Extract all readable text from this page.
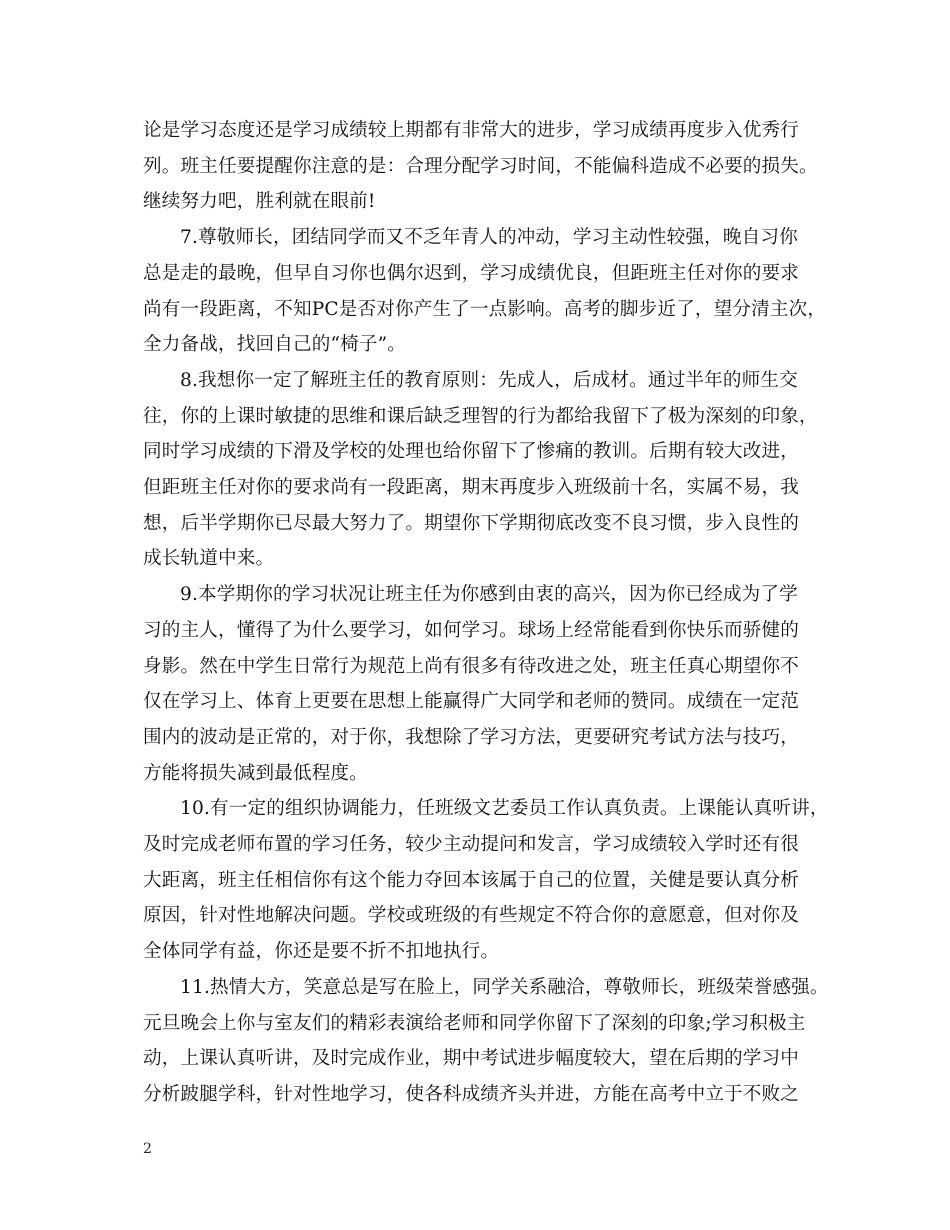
论是学习态度还是学习成绩较上期都有非常大的进步，学习成绩再度步入优秀行
列。班主任要提醒你注意的是：合理分配学习时间，不能偏科造成不必要的损失。
继续努力吧，胜利就在眼前!

7.尊敬师长，团结同学而又不乏年青人的冲动，学习主动性较强，晚自习你
总是走的最晚，但早自习你也偶尔迟到，学习成绩优良，但距班主任对你的要求
尚有一段距离，不知PC是否对你产生了一点影响。高考的脚步近了，望分清主次，
全力备战，找回自己的“椅子”。

8.我想你一定了解班主任的教育原则：先成人，后成材。通过半年的师生交
往，你的上课时敏捷的思维和课后缺乏理智的行为都给我留下了极为深刻的印象，
同时学习成绩的下滑及学校的处理也给你留下了惨痛的教训。后期有较大改进，
但距班主任对你的要求尚有一段距离，期末再度步入班级前十名，实属不易，我
想，后半学期你已尽最大努力了。期望你下学期彻底改变不良习惯，步入良性的
成长轨道中来。

9.本学期你的学习状况让班主任为你感到由衷的高兴，因为你已经成为了学
习的主人，懂得了为什么要学习，如何学习。球场上经常能看到你快乐而骄健的
身影。然在中学生日常行为规范上尚有很多有待改进之处，班主任真心期望你不
仅在学习上、体育上更要在思想上能赢得广大同学和老师的赞同。成绩在一定范
围内的波动是正常的，对于你，我想除了学习方法，更要研究考试方法与技巧，
方能将损失减到最低程度。

10.有一定的组织协调能力，任班级文艺委员工作认真负责。上课能认真听讲，
及时完成老师布置的学习任务，较少主动提问和发言，学习成绩较入学时还有很
大距离，班主任相信你有这个能力夺回本该属于自己的位置，关健是要认真分析
原因，针对性地解决问题。学校或班级的有些规定不符合你的意愿意，但对你及
全体同学有益，你还是要不折不扣地执行。

11.热情大方，笑意总是写在脸上，同学关系融洽，尊敬师长，班级荣誉感强。
元旦晚会上你与室友们的精彩表演给老师和同学你留下了深刻的印象;学习积极主
动，上课认真听讲，及时完成作业，期中考试进步幅度较大，望在后期的学习中
分析跛腿学科，针对性地学习，使各科成绩齐头并进，方能在高考中立于不败之

2
